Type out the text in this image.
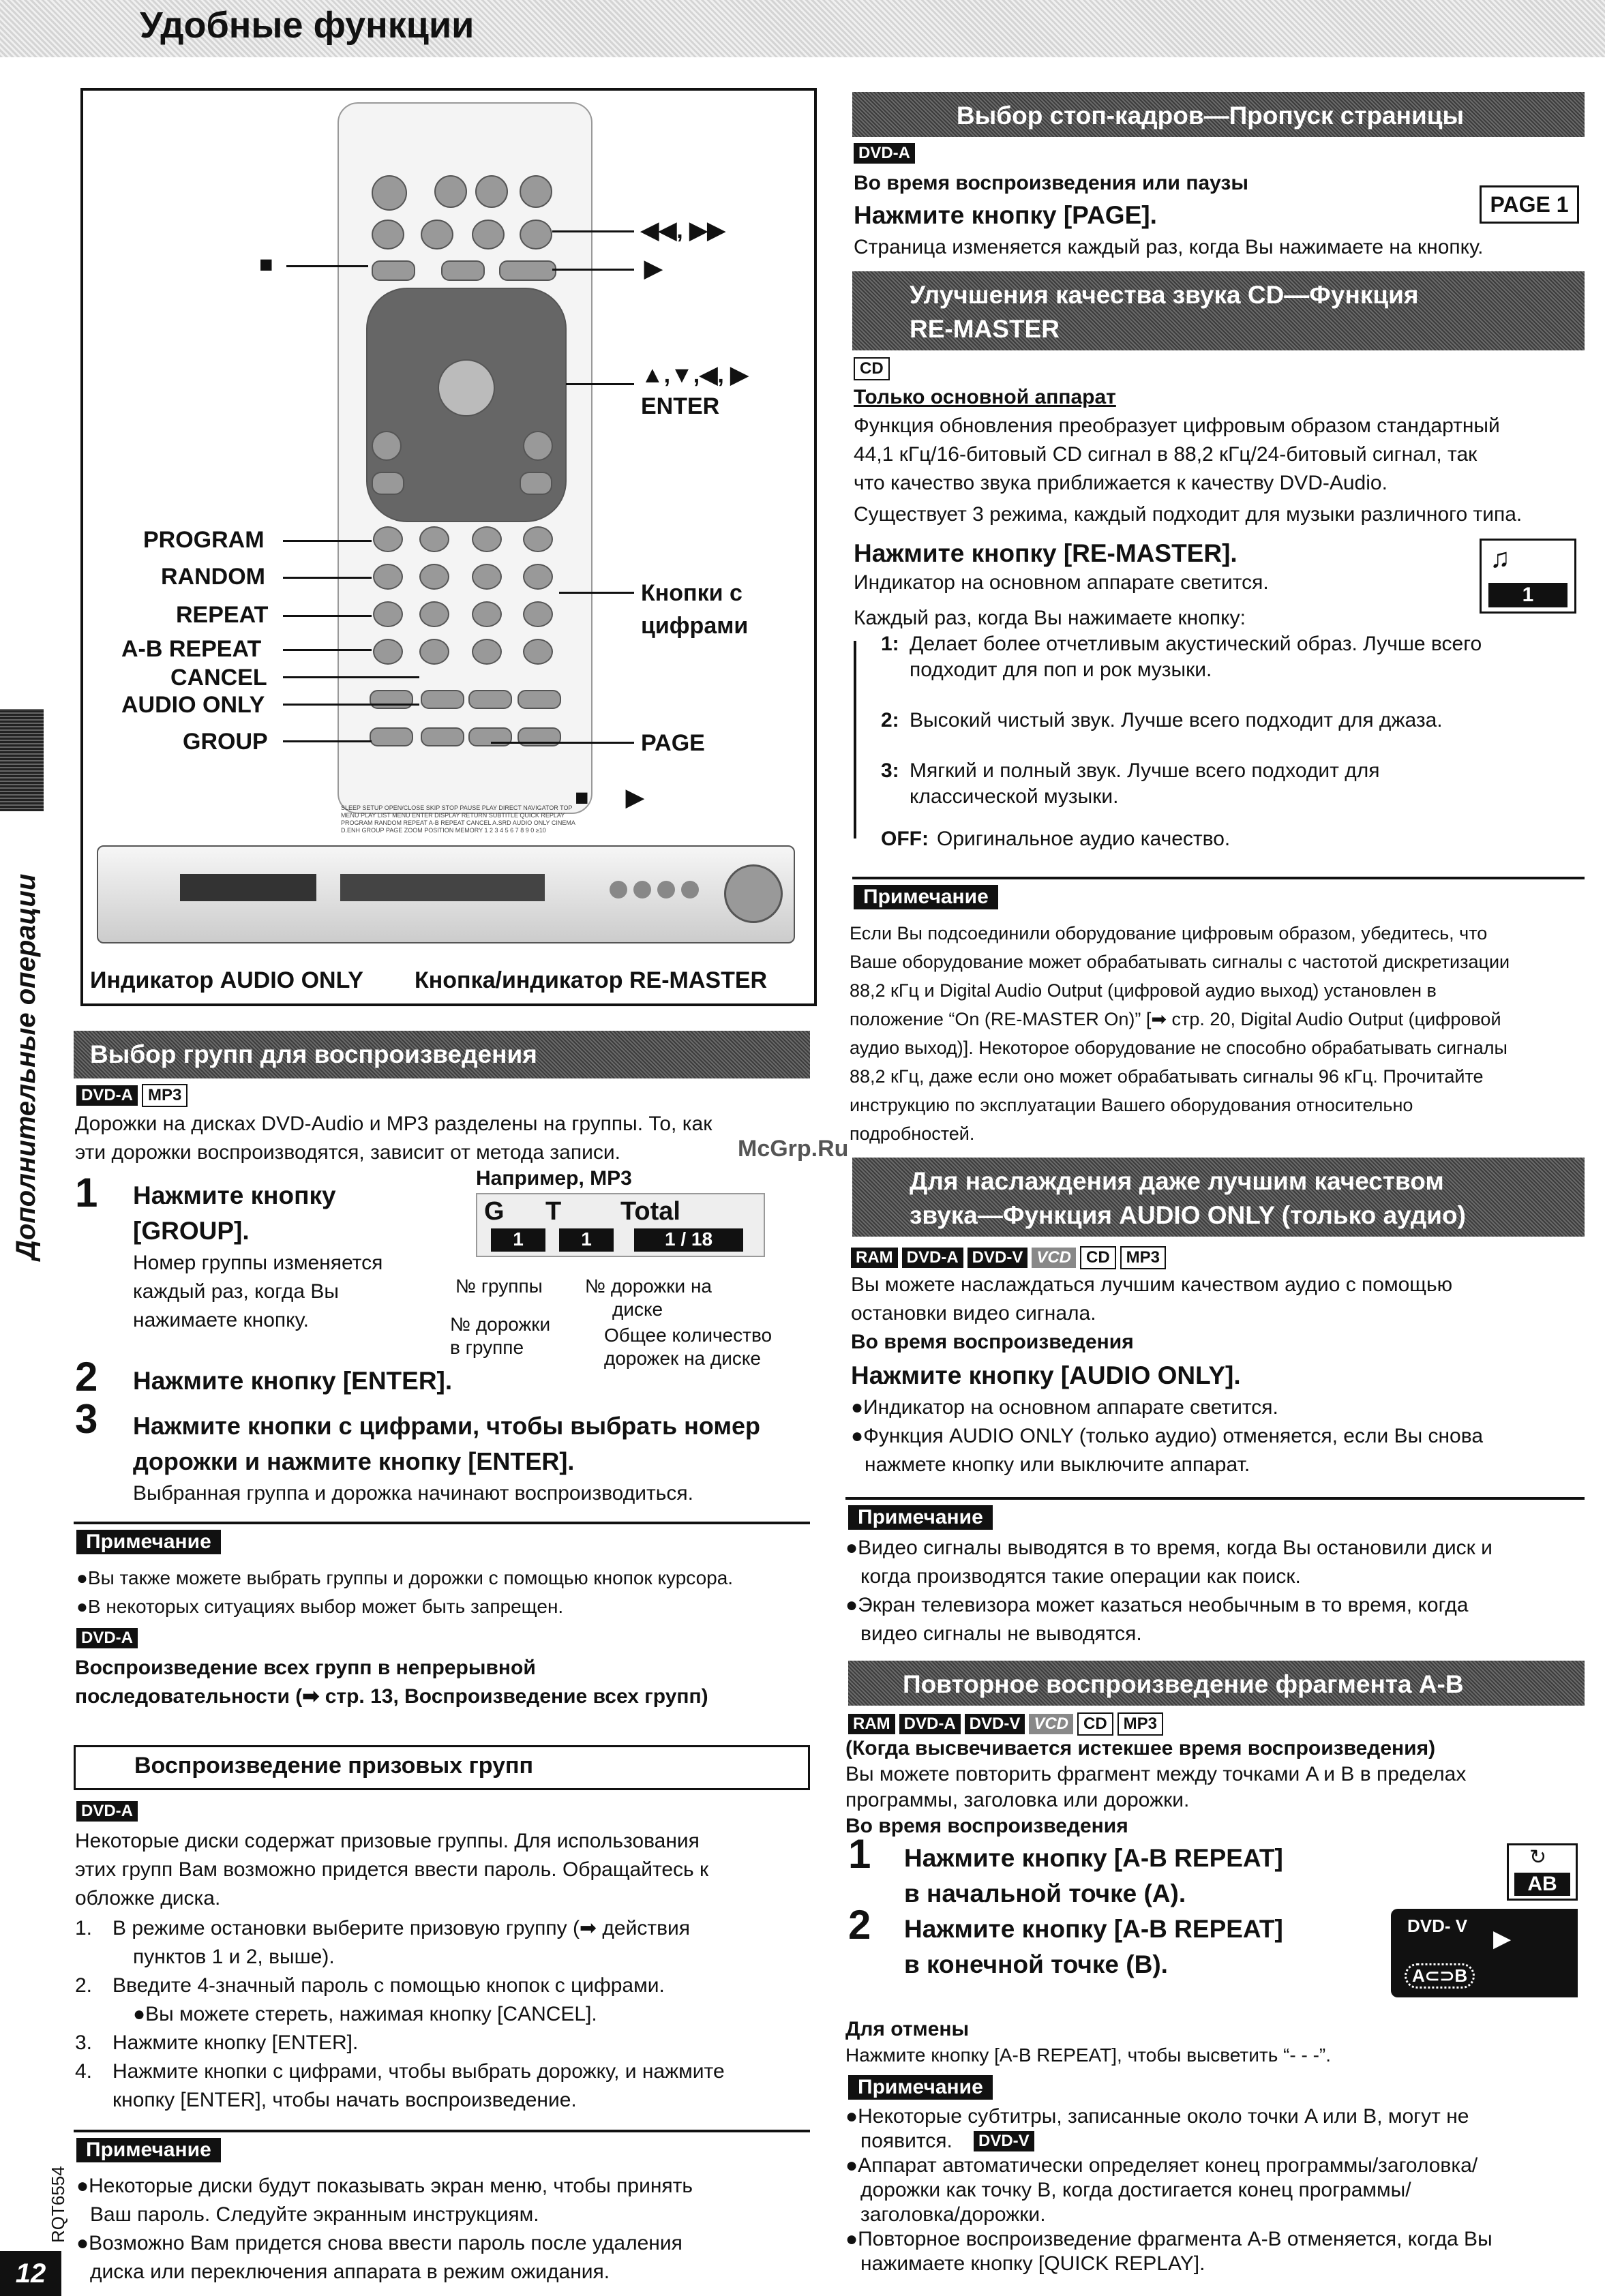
Удобные функции
Дополнительные операции
RQT6554
12
■
PROGRAM
RANDOM
REPEAT
A-B REPEAT
CANCEL
AUDIO ONLY
GROUP
◀◀, ▶▶
▶
▲,▼,◀, ▶
ENTER
Кнопки с
цифрами
PAGE
■ ▶
Индикатор AUDIO ONLY Кнопка/индикатор RE-MASTER
Выбор групп для воспроизведения
DVD-A MP3
Дорожки на дисках DVD-Audio и MP3 разделены на группы. То, как
эти дорожки воспроизводятся, зависит от метода записи.
1 Нажмите кнопку
[GROUP].
Номер группы изменяется
каждый раз, когда Вы
нажимаете кнопку.
Например, MP3
G T Total
1	1	1 / 18
№ группы № дорожки на
диске
№ дорожки
в группе
Общее количество
дорожек на диске
2 Нажмите кнопку [ENTER].
3 Нажмите кнопки с цифрами, чтобы выбрать номер
дорожки и нажмите кнопку [ENTER].
Выбранная группа и дорожка начинают воспроизводиться.
Примечание
●Вы также можете выбрать группы и дорожки с помощью кнопок курсора.
●В некоторых ситуациях выбор может быть запрещен.
DVD-A
Воспроизведение всех групп в непрерывной
последовательности (➡ стр. 13, Воспроизведение всех групп)
Воспроизведение призовых групп
DVD-A
Некоторые диски содержат призовые группы. Для использования
этих групп Вам возможно придется ввести пароль. Обращайтесь к
обложке диска.
1. В режиме остановки выберите призовую группу (➡ действия
пунктов 1 и 2, выше).
2. Введите 4-значный пароль с помощью кнопок с цифрами.
●Вы можете стереть, нажимая кнопку [CANCEL].
3. Нажмите кнопку [ENTER].
4. Нажмите кнопки с цифрами, чтобы выбрать дорожку, и нажмите
кнопку [ENTER], чтобы начать воспроизведение.
Примечание
●Некоторые диски будут показывать экран меню, чтобы принять
Ваш пароль. Следуйте экранным инструкциям.
●Возможно Вам придется снова ввести пароль после удаления
диска или переключения аппарата в режим ожидания.
Выбор стоп-кадров—Пропуск страницы
DVD-A
Во время воспроизведения или паузы
Нажмите кнопку [PAGE].
Страница изменяется каждый раз, когда Вы нажимаете на кнопку.
PAGE 1
Улучшения качества звука CD—Функция
RE-MASTER
CD
Только основной аппарат
Функция обновления преобразует цифровым образом стандартный
44,1 кГц/16-битовый CD сигнал в 88,2 кГц/24-битовый сигнал, так
что качество звука приближается к качеству DVD-Audio.
Существует 3 режима, каждый подходит для музыки различного типа.
Нажмите кнопку [RE-MASTER].
Индикатор на основном аппарате светится.
Каждый раз, когда Вы нажимаете кнопку:
♫
1
1: Делает более отчетливым акустический образ. Лучше всего
подходит для поп и рок музыки.
2: Высокий чистый звук. Лучше всего подходит для джаза.
3: Мягкий и полный звук. Лучше всего подходит для
классической музыки.
OFF: Оригинальное аудио качество.
Примечание
Если Вы подсоединили оборудование цифровым образом, убедитесь, что
Ваше оборудование может обрабатывать сигналы с частотой дискретизации
88,2 кГц и Digital Audio Output (цифровой аудио выход) установлен в
положение “On (RE-MASTER On)” [➡ стр. 20, Digital Audio Output (цифровой
аудио выход)]. Некоторое оборудование не способно обрабатывать сигналы
88,2 кГц, даже если оно может обрабатывать сигналы 96 кГц. Прочитайте
инструкцию по эксплуатации Вашего оборудования относительно
подробностей.
McGrp.Ru
Для наслаждения даже лучшим качеством
звука—Функция AUDIO ONLY (только аудио)
RAM DVD-A DVD-V VCD CD MP3
Вы можете наслаждаться лучшим качеством аудио с помощью
остановки видео сигнала.
Во время воспроизведения
Нажмите кнопку [AUDIO ONLY].
●Индикатор на основном аппарате светится.
●Функция AUDIO ONLY (только аудио) отменяется, если Вы снова
нажмете кнопку или выключите аппарат.
Примечание
●Видео сигналы выводятся в то время, когда Вы остановили диск и
когда производятся такие операции как поиск.
●Экран телевизора может казаться необычным в то время, когда
видео сигналы не выводятся.
Повторное воспроизведение фрагмента A-B
RAM DVD-A DVD-V VCD CD MP3
(Когда высвечивается истекшее время воспроизведения)
Вы можете повторить фрагмент между точками A и B в пределах
программы, заголовка или дорожки.
Во время воспроизведения
1 Нажмите кнопку [A-B REPEAT]
в начальной точке (A).
2 Нажмите кнопку [A-B REPEAT]
в конечной точке (B).
↻
AB
DVD- V ▶
A⊂⊃B
Для отмены
Нажмите кнопку [A-B REPEAT], чтобы высветить “- - -”.
Примечание
●Некоторые субтитры, записанные около точки A или B, могут не
появится. DVD-V
●Аппарат автоматически определяет конец программы/заголовка/
дорожки как точку B, когда достигается конец программы/
заголовка/дорожки.
●Повторное воспроизведение фрагмента A-B отменяется, когда Вы
нажимаете кнопку [QUICK REPLAY].
SLEEP SETUP OPEN/CLOSE SKIP STOP PAUSE PLAY DIRECT NAVIGATOR TOP MENU PLAY LIST MENU ENTER DISPLAY RETURN SUBTITLE QUICK REPLAY PROGRAM RANDOM REPEAT A-B REPEAT CANCEL A.SRD AUDIO ONLY CINEMA D.ENH GROUP PAGE ZOOM POSITION MEMORY 1 2 3 4 5 6 7 8 9 0 ≥10
